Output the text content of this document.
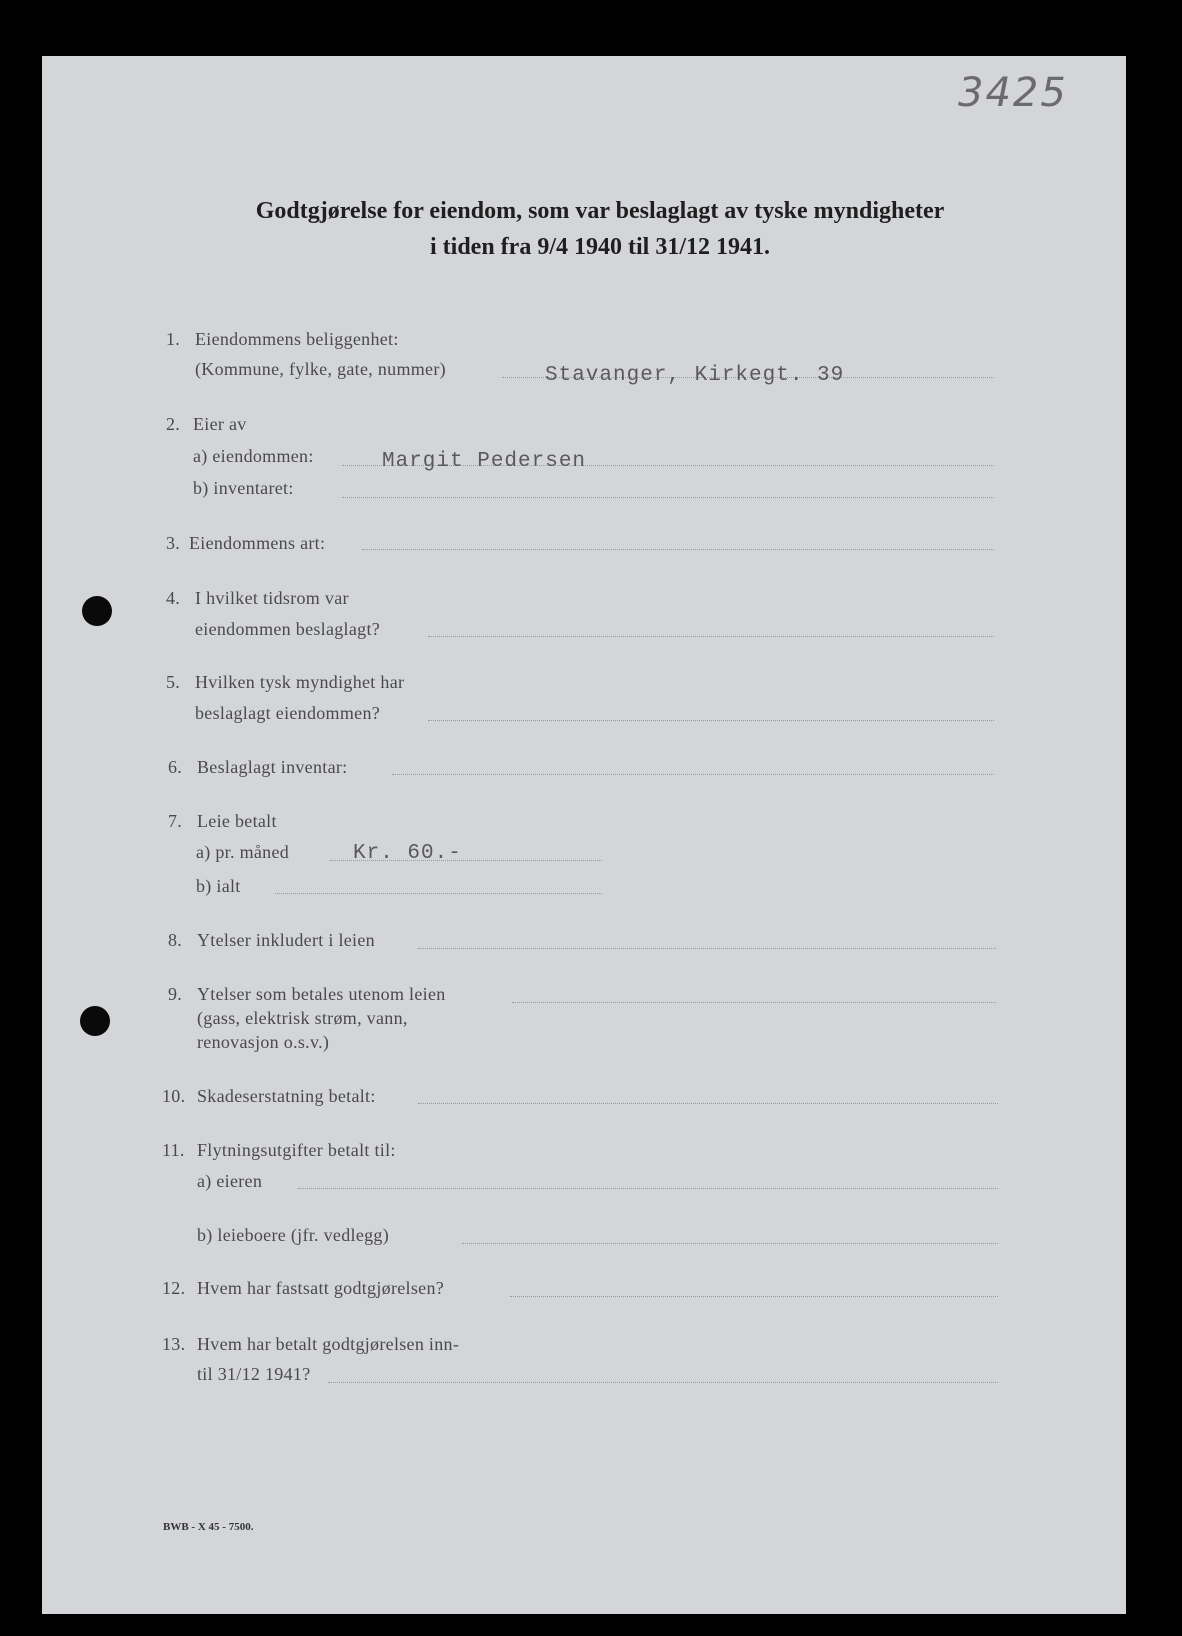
3425
Godtgjørelse for eiendom, som var beslaglagt av tyske myndigheter
i tiden fra 9/4 1940 til 31/12 1941.
1. Eiendommens beliggenhet:
(Kommune, fylke, gate, nummer)	Stavanger, Kirkegt. 39
2. Eier av
a) eiendommen:	Margit Pedersen
b) inventaret:
3. Eiendommens art:
4. I hvilket tidsrom var
eiendommen beslaglagt?
5. Hvilken tysk myndighet har
beslaglagt eiendommen?
6. Beslaglagt inventar:
7. Leie betalt
a) pr. måned	Kr. 60.-
b) ialt
8. Ytelser inkludert i leien
9. Ytelser som betales utenom leien
(gass, elektrisk strøm, vann,
renovasjon o.s.v.)
10. Skadeserstatning betalt:
11. Flytningsutgifter betalt til:
a) eieren
b) leieboere (jfr. vedlegg)
12. Hvem har fastsatt godtgjørelsen?
13. Hvem har betalt godtgjørelsen inn-
til 31/12 1941?
BWB - X 45 - 7500.
